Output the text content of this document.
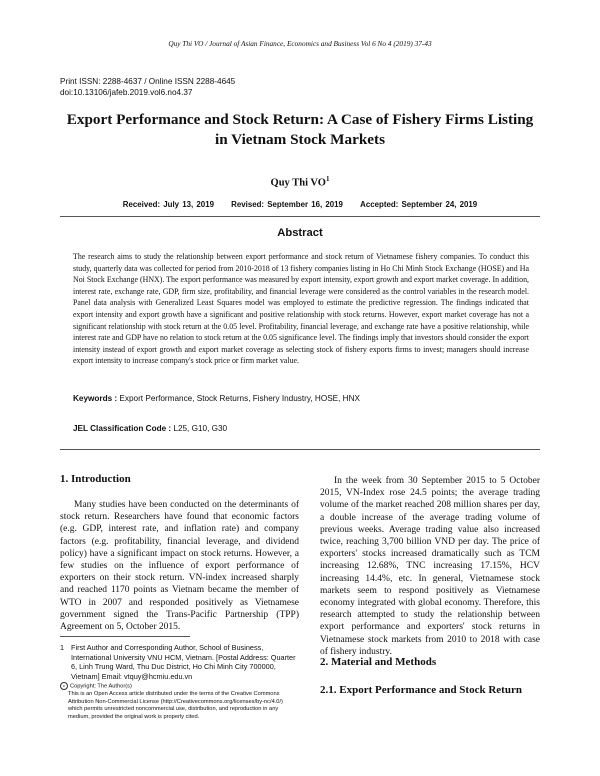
Quy Thi VO / Journal of Asian Finance, Economics and Business Vol 6 No 4 (2019) 37-43
Print ISSN: 2288-4637 / Online ISSN 2288-4645
doi:10.13106/jafeb.2019.vol6.no4.37
Export Performance and Stock Return: A Case of Fishery Firms Listing in Vietnam Stock Markets
Quy Thi $VO^1$
Received: July 13, 2019 Revised: September 16, 2019 Accepted: September 24, 2019
Abstract
The research aims to study the relationship between export performance and stock return of Vietnamese fishery companies. To conduct this study, quarterly data was collected for period from 2010-2018 of 13 fishery companies listing in Ho Chi Minh Stock Exchange (HOSE) and Ha Noi Stock Exchange (HNX). The export performance was measured by export intensity, export growth and export market coverage. In addition, interest rate, exchange rate, GDP, firm size, profitability, and financial leverage were considered as the control variables in the research model. Panel data analysis with Generalized Least Squares model was employed to estimate the predictive regression. The findings indicated that export intensity and export growth have a significant and positive relationship with stock returns. However, export market coverage has not a significant relationship with stock return at the 0.05 level. Profitability, financial leverage, and exchange rate have a positive relationship, while interest rate and GDP have no relation to stock return at the 0.05 significance level. The findings imply that investors should consider the export intensity instead of export growth and export market coverage as selecting stock of fishery exports firms to invest; managers should increase export intensity to increase company's stock price or firm market value.
Keywords : Export Performance, Stock Returns, Fishery Industry, HOSE, HNX
JEL Classification Code : L25, G10, G30
1. Introduction
Many studies have been conducted on the determinants of stock return. Researchers have found that economic factors (e.g. GDP, interest rate, and inflation rate) and company factors (e.g. profitability, financial leverage, and dividend policy) have a significant impact on stock returns. However, a few studies on the influence of export performance of exporters on their stock return. VN-index increased sharply and reached 1170 points as Vietnam became the member of WTO in 2007 and responded positively as Vietnamese government signed the Trans-Pacific Partnership (TPP) Agreement on 5, October 2015.
1 First Author and Corresponding Author, School of Business, International University VNU HCM, Vietnam. [Postal Address: Quarter 6, Linh Trung Ward, Thu Duc District, Ho Chi Minh City 700000, Vietnam] Email: vtquy@hcmiu.edu.vn
c Copyright: The Author(s)
This is an Open Access article distributed under the terms of the Creative Commons Attribution Non-Commercial License (http://Creativecommons.org/licenses/by-nc/4.0/) which permits unrestricted noncommercial use, distribution, and reproduction in any medium, provided the original work is properly cited.
In the week from 30 September 2015 to 5 October 2015, VN-Index rose 24.5 points; the average trading volume of the market reached 208 million shares per day, a double increase of the average trading volume of previous weeks. Average trading value also increased twice, reaching 3,700 billion VND per day. The price of exporters' stocks increased dramatically such as TCM increasing 12.68%, TNC increasing 17.15%, HCV increasing 14.4%, etc. In general, Vietnamese stock markets seem to respond positively as Vietnamese economy integrated with global economy. Therefore, this research attempted to study the relationship between export performance and exporters' stock returns in Vietnamese stock markets from 2010 to 2018 with case of fishery industry.
2. Material and Methods
2.1. Export Performance and Stock Return
